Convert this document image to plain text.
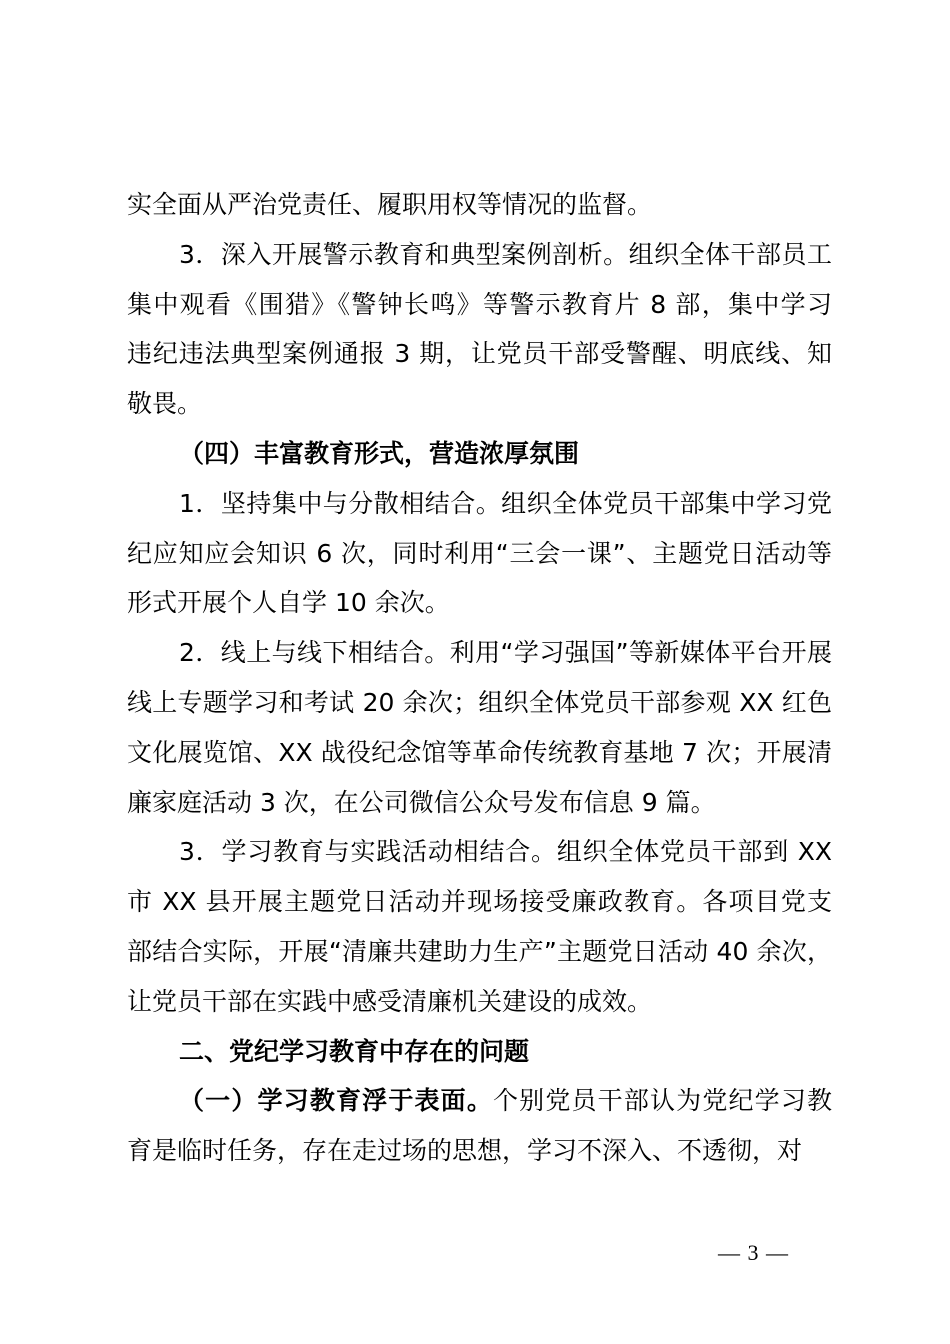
实全面从严治党责任、履职用权等情况的监督。
3．深入开展警示教育和典型案例剖析。组织全体干部员工
集中观看《围猎》《警钟长鸣》等警示教育片 8 部，集中学习
违纪违法典型案例通报 3 期，让党员干部受警醒、明底线、知
敬畏。
（四）丰富教育形式，营造浓厚氛围
1．坚持集中与分散相结合。组织全体党员干部集中学习党
纪应知应会知识 6 次，同时利用“三会一课”、主题党日活动等
形式开展个人自学 10 余次。
2．线上与线下相结合。利用“学习强国”等新媒体平台开展
线上专题学习和考试 20 余次；组织全体党员干部参观 XX 红色
文化展览馆、XX 战役纪念馆等革命传统教育基地 7 次；开展清
廉家庭活动 3 次，在公司微信公众号发布信息 9 篇。
3．学习教育与实践活动相结合。组织全体党员干部到 XX
市 XX 县开展主题党日活动并现场接受廉政教育。各项目党支
部结合实际，开展“清廉共建助力生产”主题党日活动 40 余次，
让党员干部在实践中感受清廉机关建设的成效。
二、党纪学习教育中存在的问题
（一）学习教育浮于表面。个别党员干部认为党纪学习教
育是临时任务，存在走过场的思想，学习不深入、不透彻，对
— 3 —
